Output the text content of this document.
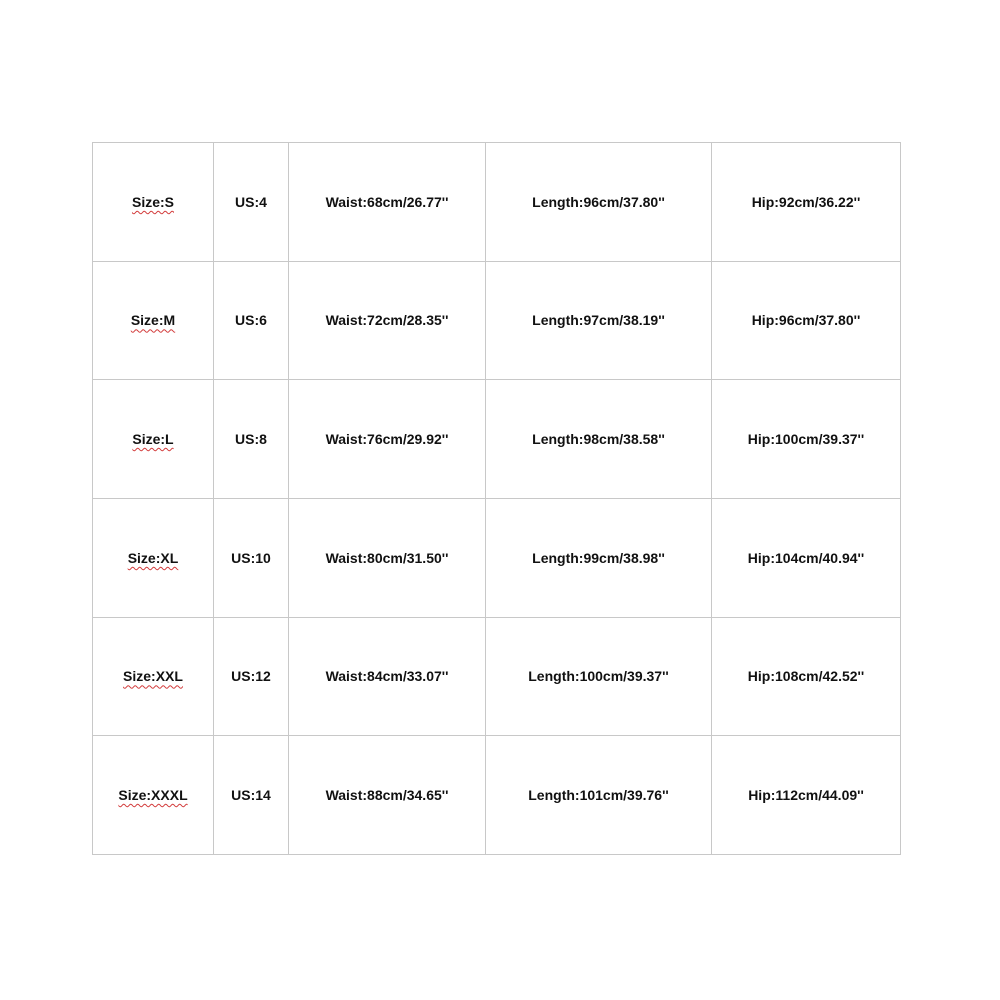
Size:S	US:4	Waist:68cm/26.77''	Length:96cm/37.80''	Hip:92cm/36.22''
Size:M	US:6	Waist:72cm/28.35''	Length:97cm/38.19''	Hip:96cm/37.80''
Size:L	US:8	Waist:76cm/29.92''	Length:98cm/38.58''	Hip:100cm/39.37''
Size:XL	US:10	Waist:80cm/31.50''	Length:99cm/38.98''	Hip:104cm/40.94''
Size:XXL	US:12	Waist:84cm/33.07''	Length:100cm/39.37''	Hip:108cm/42.52''
Size:XXXL	US:14	Waist:88cm/34.65''	Length:101cm/39.76''	Hip:112cm/44.09''
